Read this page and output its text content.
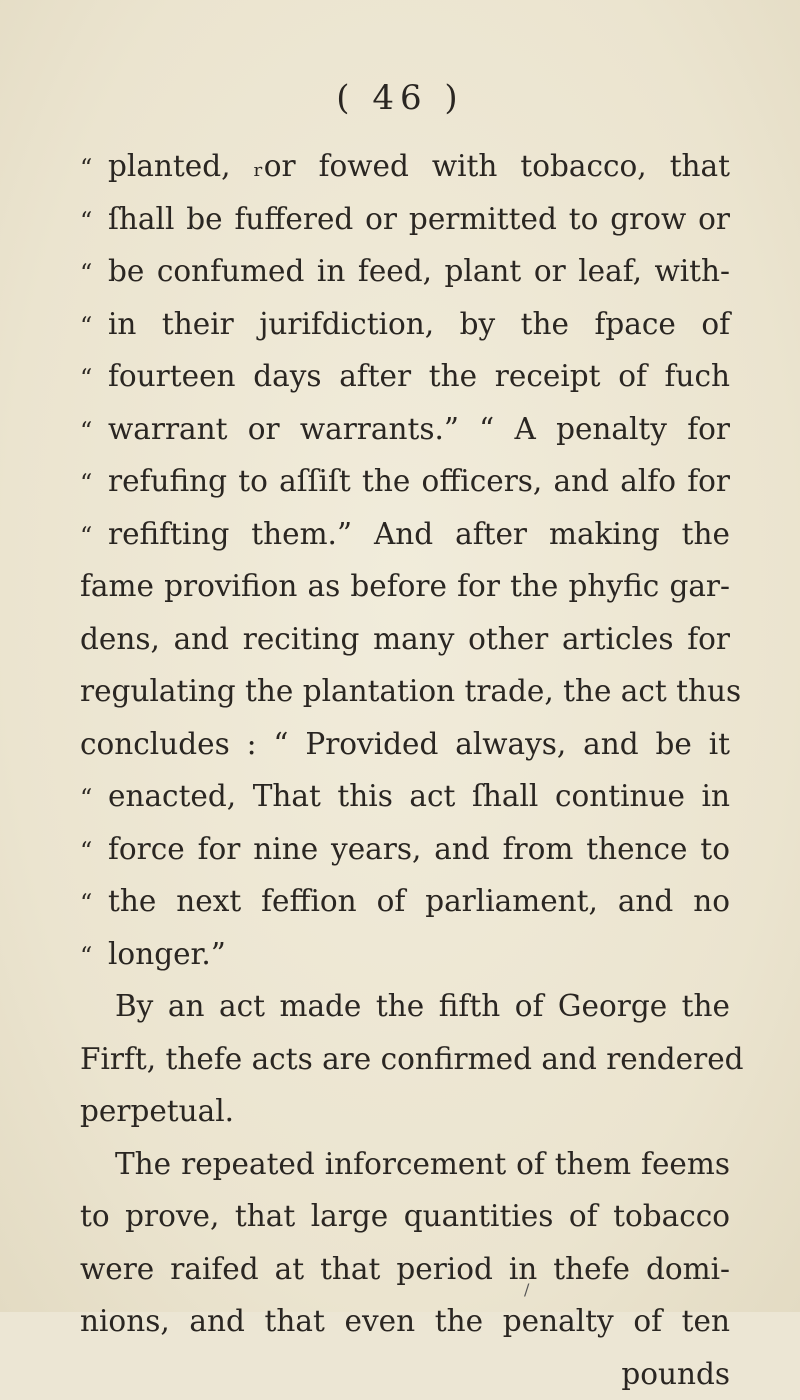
( 46 )
“ planted, ᵣor fowed with tobacco, that
“ ſhall be fuffered or permitted to grow or
“ be confumed in feed, plant or leaf, with-
“ in their jurifdiction, by the fpace of
“ fourteen days after the receipt of fuch
“ warrant or warrants.” “ A penalty for
“ refufing to aſſiſt the officers, and alfo for
“ refifting them.” And after making the
fame provifion as before for the phyfic gar-
dens, and reciting many other articles for
regulating the plantation trade, the act thus
concludes : “ Provided always, and be it
“ enacted, That this act ſhall continue in
“ force for nine years, and from thence to
“ the next feffion of parliament, and no
“ longer.”
By an act made the fifth of George the
Firft, thefe acts are confirmed and rendered
perpetual.
The repeated inforcement of them feems
to prove, that large quantities of tobacco
were raifed at that period in thefe domi-
nions, and that even the penalty of ten
pounds
/
